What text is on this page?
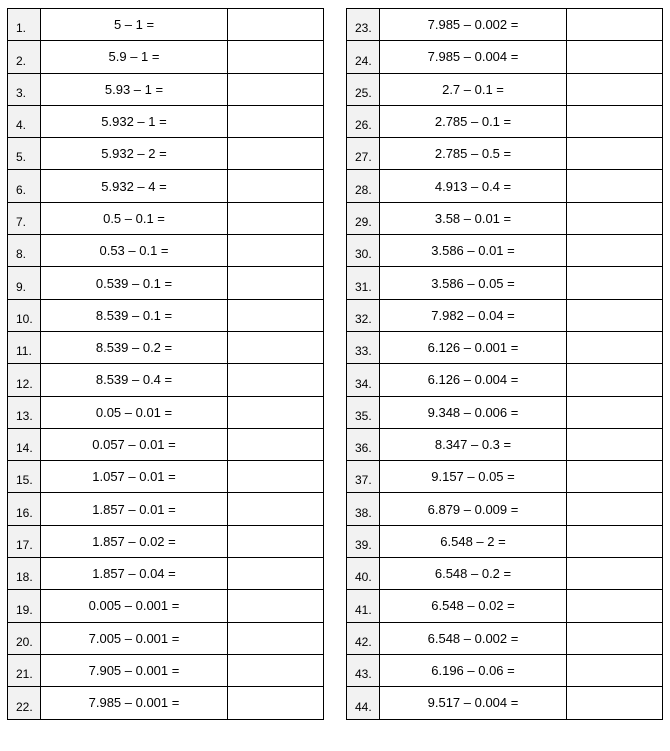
1.	5 – 1 =	
2.	5.9 – 1 =	
3.	5.93 – 1 =	
4.	5.932 – 1 =	
5.	5.932 – 2 =	
6.	5.932 – 4 =	
7.	0.5 – 0.1 =	
8.	0.53 – 0.1 =	
9.	0.539 – 0.1 =	
10.	8.539 – 0.1 =	
11.	8.539 – 0.2 =	
12.	8.539 – 0.4 =	
13.	0.05 – 0.01 =	
14.	0.057 – 0.01 =	
15.	1.057 – 0.01 =	
16.	1.857 – 0.01 =	
17.	1.857 – 0.02 =	
18.	1.857 – 0.04 =	
19.	0.005 – 0.001 =	
20.	7.005 – 0.001 =	
21.	7.905 – 0.001 =	
22.	7.985 – 0.001 =	
23.	7.985 – 0.002 =	
24.	7.985 – 0.004 =	
25.	2.7 – 0.1 =	
26.	2.785 – 0.1 =	
27.	2.785 – 0.5 =	
28.	4.913 – 0.4 =	
29.	3.58 – 0.01 =	
30.	3.586 – 0.01 =	
31.	3.586 – 0.05 =	
32.	7.982 – 0.04 =	
33.	6.126 – 0.001 =	
34.	6.126 – 0.004 =	
35.	9.348 – 0.006 =	
36.	8.347 – 0.3 =	
37.	9.157 – 0.05 =	
38.	6.879 – 0.009 =	
39.	6.548 – 2 =	
40.	6.548 – 0.2 =	
41.	6.548 – 0.02 =	
42.	6.548 – 0.002 =	
43.	6.196 – 0.06 =	
44.	9.517 – 0.004 =	
